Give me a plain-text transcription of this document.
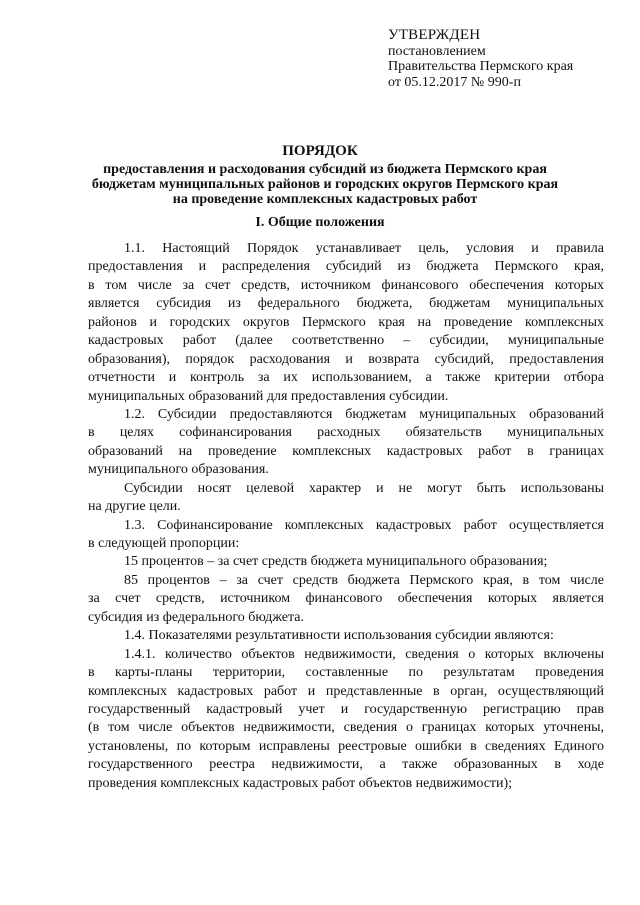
УТВЕРЖДЕН
постановлением
Правительства Пермского края
от 05.12.2017 № 990-п
ПОРЯДОК
предоставления и расходования субсидий из бюджета Пермского края
бюджетам муниципальных районов и городских округов Пермского края
на проведение комплексных кадастровых работ
I. Общие положения
1.1. Настоящий Порядок устанавливает цель, условия и правила
предоставления и распределения субсидий из бюджета Пермского края,
в том числе за счет средств, источником финансового обеспечения которых
является субсидия из федерального бюджета, бюджетам муниципальных
районов и городских округов Пермского края на проведение комплексных
кадастровых работ (далее соответственно – субсидии, муниципальные
образования), порядок расходования и возврата субсидий, предоставления
отчетности и контроль за их использованием, а также критерии отбора
муниципальных образований для предоставления субсидии.
1.2. Субсидии предоставляются бюджетам муниципальных образований
в целях софинансирования расходных обязательств муниципальных
образований на проведение комплексных кадастровых работ в границах
муниципального образования.
Субсидии носят целевой характер и не могут быть использованы
на другие цели.
1.3. Софинансирование комплексных кадастровых работ осуществляется
в следующей пропорции:
15 процентов – за счет средств бюджета муниципального образования;
85 процентов – за счет средств бюджета Пермского края, в том числе
за счет средств, источником финансового обеспечения которых является
субсидия из федерального бюджета.
1.4. Показателями результативности использования субсидии являются:
1.4.1. количество объектов недвижимости, сведения о которых включены
в карты-планы территории, составленные по результатам проведения
комплексных кадастровых работ и представленные в орган, осуществляющий
государственный кадастровый учет и государственную регистрацию прав
(в том числе объектов недвижимости, сведения о границах которых уточнены,
установлены, по которым исправлены реестровые ошибки в сведениях Единого
государственного реестра недвижимости, а также образованных в ходе
проведения комплексных кадастровых работ объектов недвижимости);
